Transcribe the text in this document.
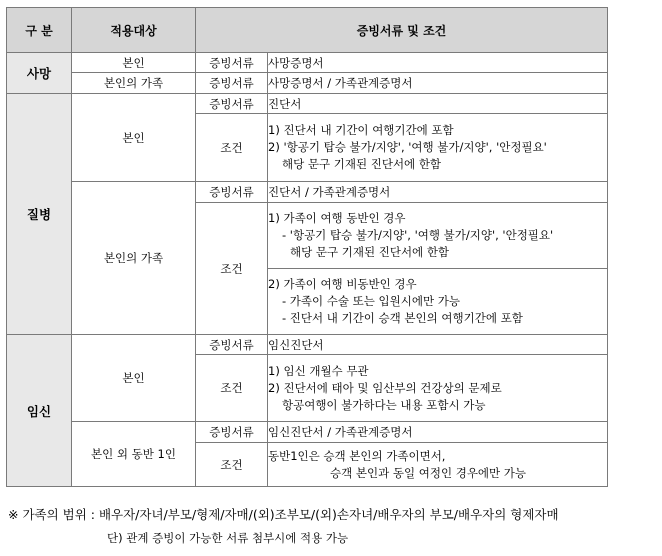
구 분	적용대상	증빙서류 및 조건	
사망	본인	증빙서류	사망증명서
	본인의 가족	증빙서류	사망증명서 / 가족관계증명서
질병	본인	증빙서류	진단서
		조건	1) 진단서 내 기간이 여행기간에 포함
2) '항공기 탑승 불가/지양', '여행 불가/지양', '안정필요'
해당 문구 기재된 진단서에 한함

	본인의 가족	증빙서류	진단서 / 가족관계증명서
		조건	1) 가족이 여행 동반인 경우
- '항공기 탑승 불가/지양', '여행 불가/지양', '안정필요'
해당 문구 기재된 진단서에 한함

			2) 가족이 여행 비동반인 경우
- 가족이 수술 또는 입원시에만 가능
- 진단서 내 기간이 승객 본인의 여행기간에 포함

임신	본인	증빙서류	임신진단서
		조건	1) 임신 개월수 무관
2) 진단서에 태아 및 임산부의 건강상의 문제로
항공여행이 불가하다는 내용 포함시 가능

	본인 외 동반 1인	증빙서류	임신진단서 / 가족관계증명서
		조건	동반1인은 승객 본인의 가족이면서,
승객 본인과 동일 여정인 경우에만 가능
※ 가족의 범위 : 배우자/자녀/부모/형제/자매/(외)조부모/(외)손자녀/배우자의 부모/배우자의 형제자매
단) 관계 증빙이 가능한 서류 첨부시에 적용 가능
